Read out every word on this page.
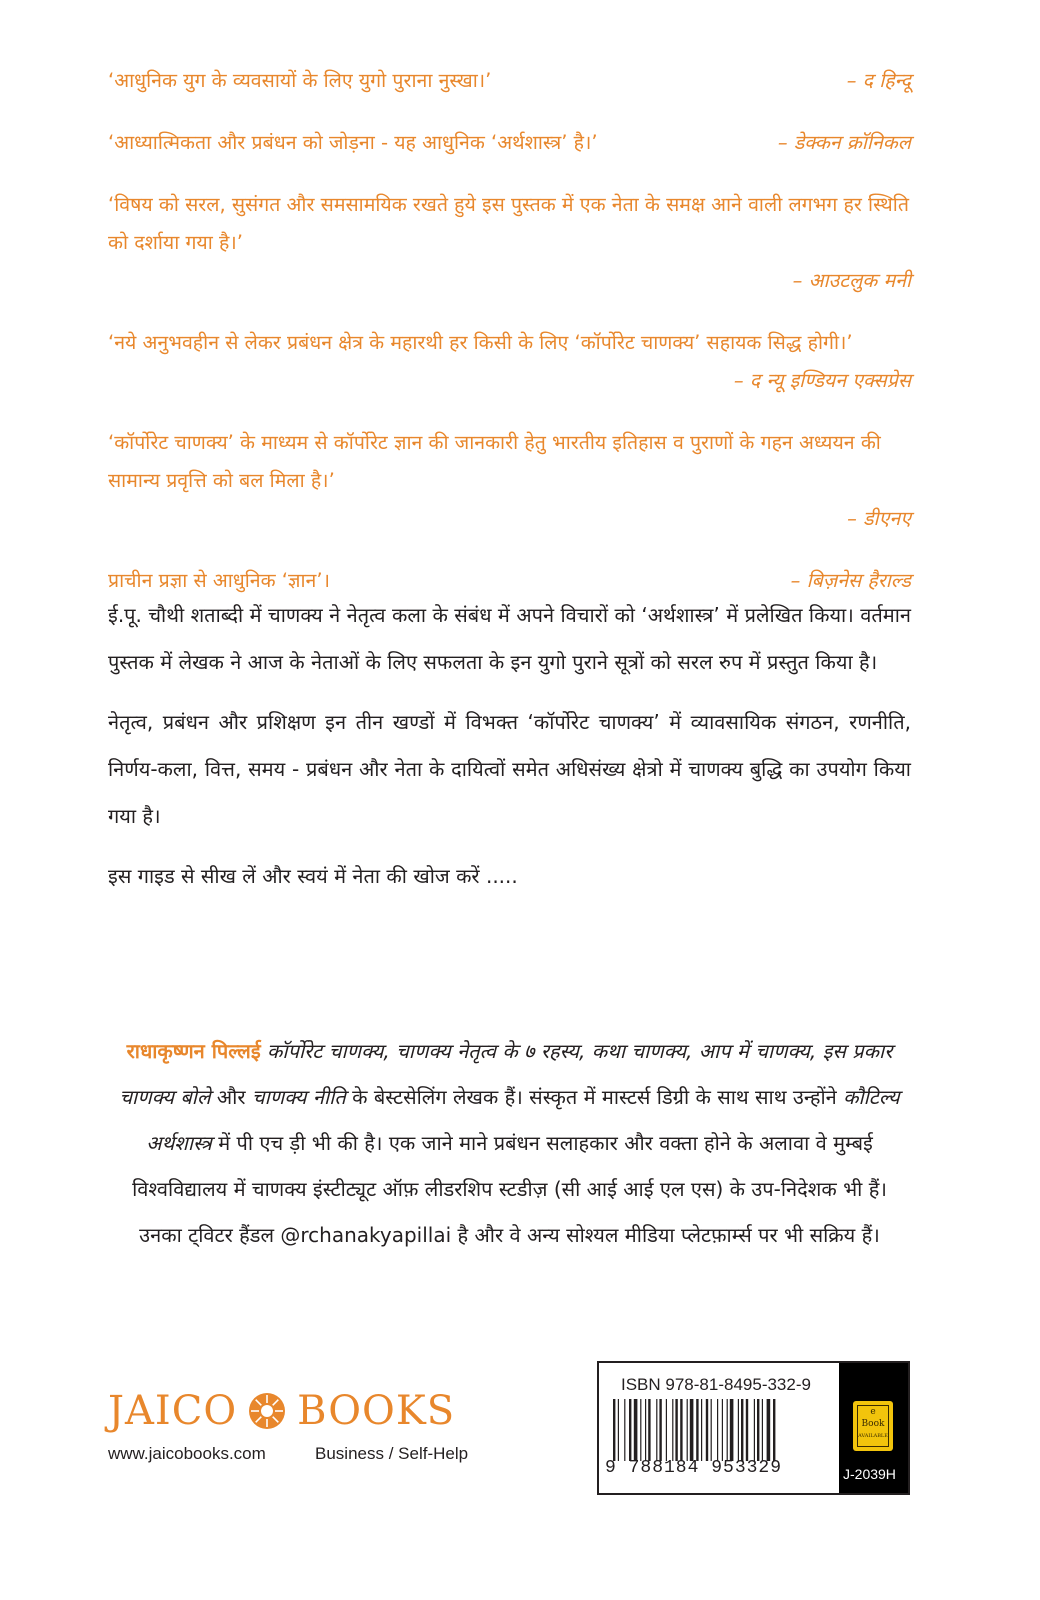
‘आधुनिक युग के व्यवसायों के लिए युगो पुराना नुस्खा।’	– द हिन्दू
‘आध्यात्मिकता और प्रबंधन को जोड़ना - यह आधुनिक ‘अर्थशास्त्र’ है।’	– डेक्कन क्रॉनिकल
‘विषय को सरल, सुसंगत और समसामयिक रखते हुये इस पुस्तक में एक नेता के समक्ष आने वाली लगभग हर स्थिति को दर्शाया गया है।’
– आउटलुक मनी
‘नये अनुभवहीन से लेकर प्रबंधन क्षेत्र के महारथी हर किसी के लिए ‘कॉर्पोरेट चाणक्य’ सहायक सिद्ध होगी।’
– द न्यू इण्डियन एक्सप्रेस
‘कॉर्पोरेट चाणक्य’ के माध्यम से कॉर्पोरेट ज्ञान की जानकारी हेतु भारतीय इतिहास व पुराणों के गहन अध्ययन की सामान्य प्रवृत्ति को बल मिला है।’
– डीएनए
प्राचीन प्रज्ञा से आधुनिक ‘ज्ञान’।	– बिज़नेस हैराल्ड

ई.पू. चौथी शताब्दी में चाणक्य ने नेतृत्व कला के संबंध में अपने विचारों को ‘अर्थशास्त्र’ में प्रलेखित किया। वर्तमान पुस्तक में लेखक ने आज के नेताओं के लिए सफलता के इन युगो पुराने सूत्रों को सरल रुप में प्रस्तुत किया है।

नेतृत्व, प्रबंधन और प्रशिक्षण इन तीन खण्डों में विभक्त ‘कॉर्पोरेट चाणक्य’ में व्यावसायिक संगठन, रणनीति, निर्णय-कला, वित्त, समय - प्रबंधन और नेता के दायित्वों समेत अधिसंख्य क्षेत्रो में चाणक्य बुद्धि का उपयोग किया गया है।

इस गाइड से सीख लें और स्वयं में नेता की खोज करें .....

राधाकृष्णन पिल्लई कॉर्पोरेट चाणक्य, चाणक्य नेतृत्व के ७ रहस्य, कथा चाणक्य, आप में चाणक्य, इस प्रकार चाणक्य बोले और चाणक्य नीति के बेस्टसेलिंग लेखक हैं। संस्कृत में मास्टर्स डिग्री के साथ साथ उन्होंने कौटिल्य अर्थशास्त्र में पी एच ड़ी भी की है। एक जाने माने प्रबंधन सलाहकार और वक्ता होने के अलावा वे मुम्बई विश्वविद्यालय में चाणक्य इंस्टीट्यूट ऑफ़ लीडरशिप स्टडीज़ (सी आई आई एल एस) के उप-निदेशक भी हैं। उनका ट्विटर हैंडल @rchanakyapillai है और वे अन्य सोश्यल मीडिया प्लेटफ़ार्म्स पर भी सक्रिय हैं।
JAICO BOOKS
www.jaicobooks.com	Business / Self-Help
ISBN 978-81-8495-332-9
9 788184 953329
e
Book
AVAILABLE
J-2039H
